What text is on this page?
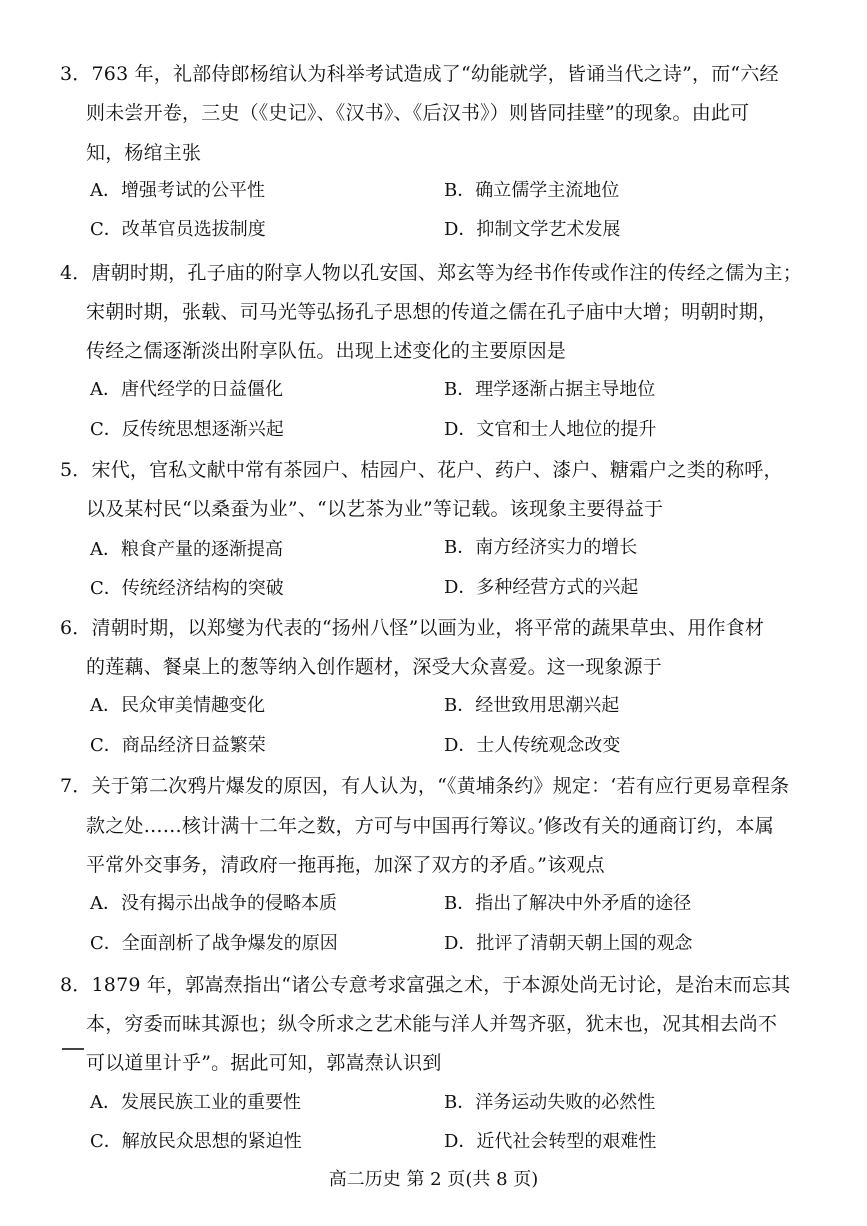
3．763 年，礼部侍郎杨绾认为科举考试造成了“幼能就学，皆诵当代之诗”，而“六经
则未尝开卷，三史（《史记》、《汉书》、《后汉书》）则皆同挂壁”的现象。由此可
知，杨绾主张
A．增强考试的公平性	B．确立儒学主流地位
C．改革官员选拔制度	D．抑制文学艺术发展
4．唐朝时期，孔子庙的附享人物以孔安国、郑玄等为经书作传或作注的传经之儒为主；
宋朝时期，张载、司马光等弘扬孔子思想的传道之儒在孔子庙中大增；明朝时期，
传经之儒逐渐淡出附享队伍。出现上述变化的主要原因是
A．唐代经学的日益僵化	B．理学逐渐占据主导地位
C．反传统思想逐渐兴起	D．文官和士人地位的提升
5．宋代，官私文献中常有茶园户、桔园户、花户、药户、漆户、糖霜户之类的称呼，
以及某村民“以桑蚕为业”、“以艺茶为业”等记载。该现象主要得益于
A．粮食产量的逐渐提高	B．南方经济实力的增长
C．传统经济结构的突破	D．多种经营方式的兴起
6．清朝时期，以郑燮为代表的“扬州八怪”以画为业，将平常的蔬果草虫、用作食材
的莲藕、餐桌上的葱等纳入创作题材，深受大众喜爱。这一现象源于
A．民众审美情趣变化	B．经世致用思潮兴起
C．商品经济日益繁荣	D．士人传统观念改变
7．关于第二次鸦片爆发的原因，有人认为，“《黄埔条约》规定：‘若有应行更易章程条
款之处……核计满十二年之数，方可与中国再行筹议。’修改有关的通商订约，本属
平常外交事务，清政府一拖再拖，加深了双方的矛盾。”该观点
A．没有揭示出战争的侵略本质	B．指出了解决中外矛盾的途径
C．全面剖析了战争爆发的原因	D．批评了清朝天朝上国的观念
8．1879 年，郭嵩焘指出“诸公专意考求富强之术，于本源处尚无讨论，是治末而忘其
本，穷委而昧其源也；纵令所求之艺术能与洋人并驾齐驱，犹末也，况其相去尚不
可以道里计乎”。据此可知，郭嵩焘认识到
A．发展民族工业的重要性	B．洋务运动失败的必然性
C．解放民众思想的紧迫性	D．近代社会转型的艰难性
高二历史 第 2 页(共 8 页)
